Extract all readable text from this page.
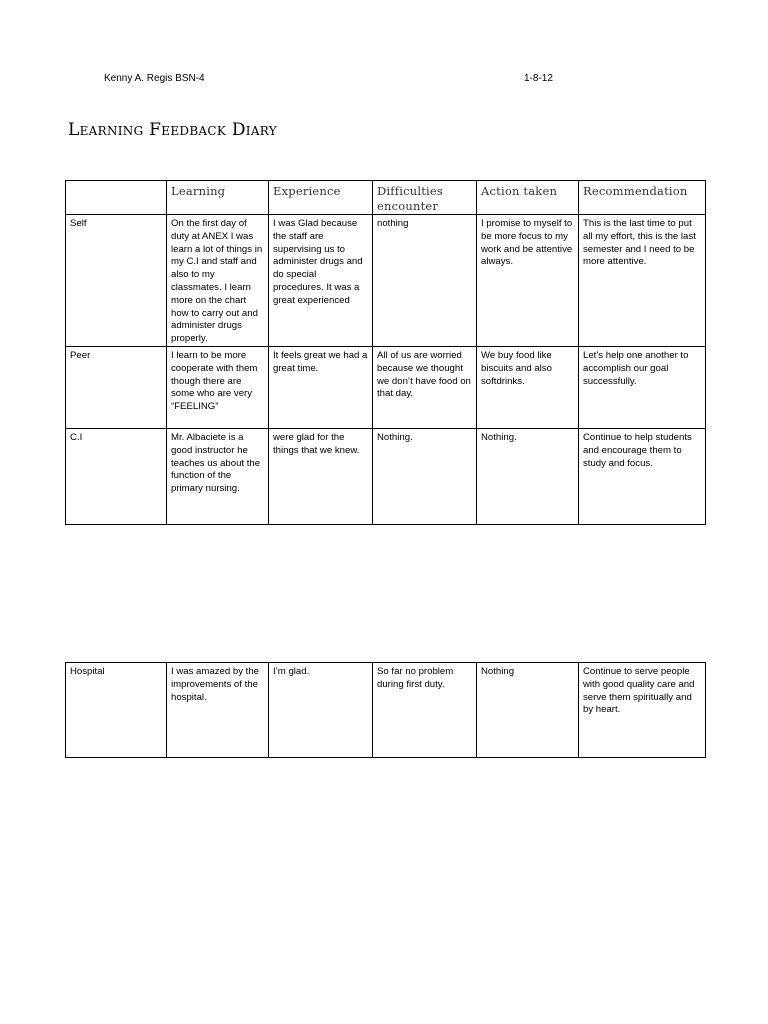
Kenny A. Regis BSN-4	1-8-12
Learning Feedback Diary
	Learning	Experience	Difficulties encounter	Action taken	Recommendation
Self	On the first day of duty at ANEX I was learn a lot of things in my C.I and staff and also to my classmates. I learn more on the chart how to carry out and administer drugs properly.	I was Glad because the staff are supervising us to administer drugs and do special procedures. It was a great experienced	nothing	I promise to myself to be more focus to my work and be attentive always.	This is the last time to put all my effort, this is the last semester and I need to be more attentive.
Peer	I learn to be more cooperate with them though there are some who are very “FEELING”	It feels great we had a great time.	All of us are worried because we thought we don’t have food on that day.	We buy food like biscuits and also softdrinks.	Let’s help one another to accomplish our goal successfully.
C.I	Mr. Albaciete is a good instructor he teaches us about the function of the primary nursing.	were glad for the things that we knew.	Nothing.	Nothing.	Continue to help students and encourage them to study and focus.
Hospital	I was amazed by the improvements of the hospital.	I’m glad.	So far no problem during first duty.	Nothing	Continue to serve people with good quality care and serve them spiritually and by heart.
